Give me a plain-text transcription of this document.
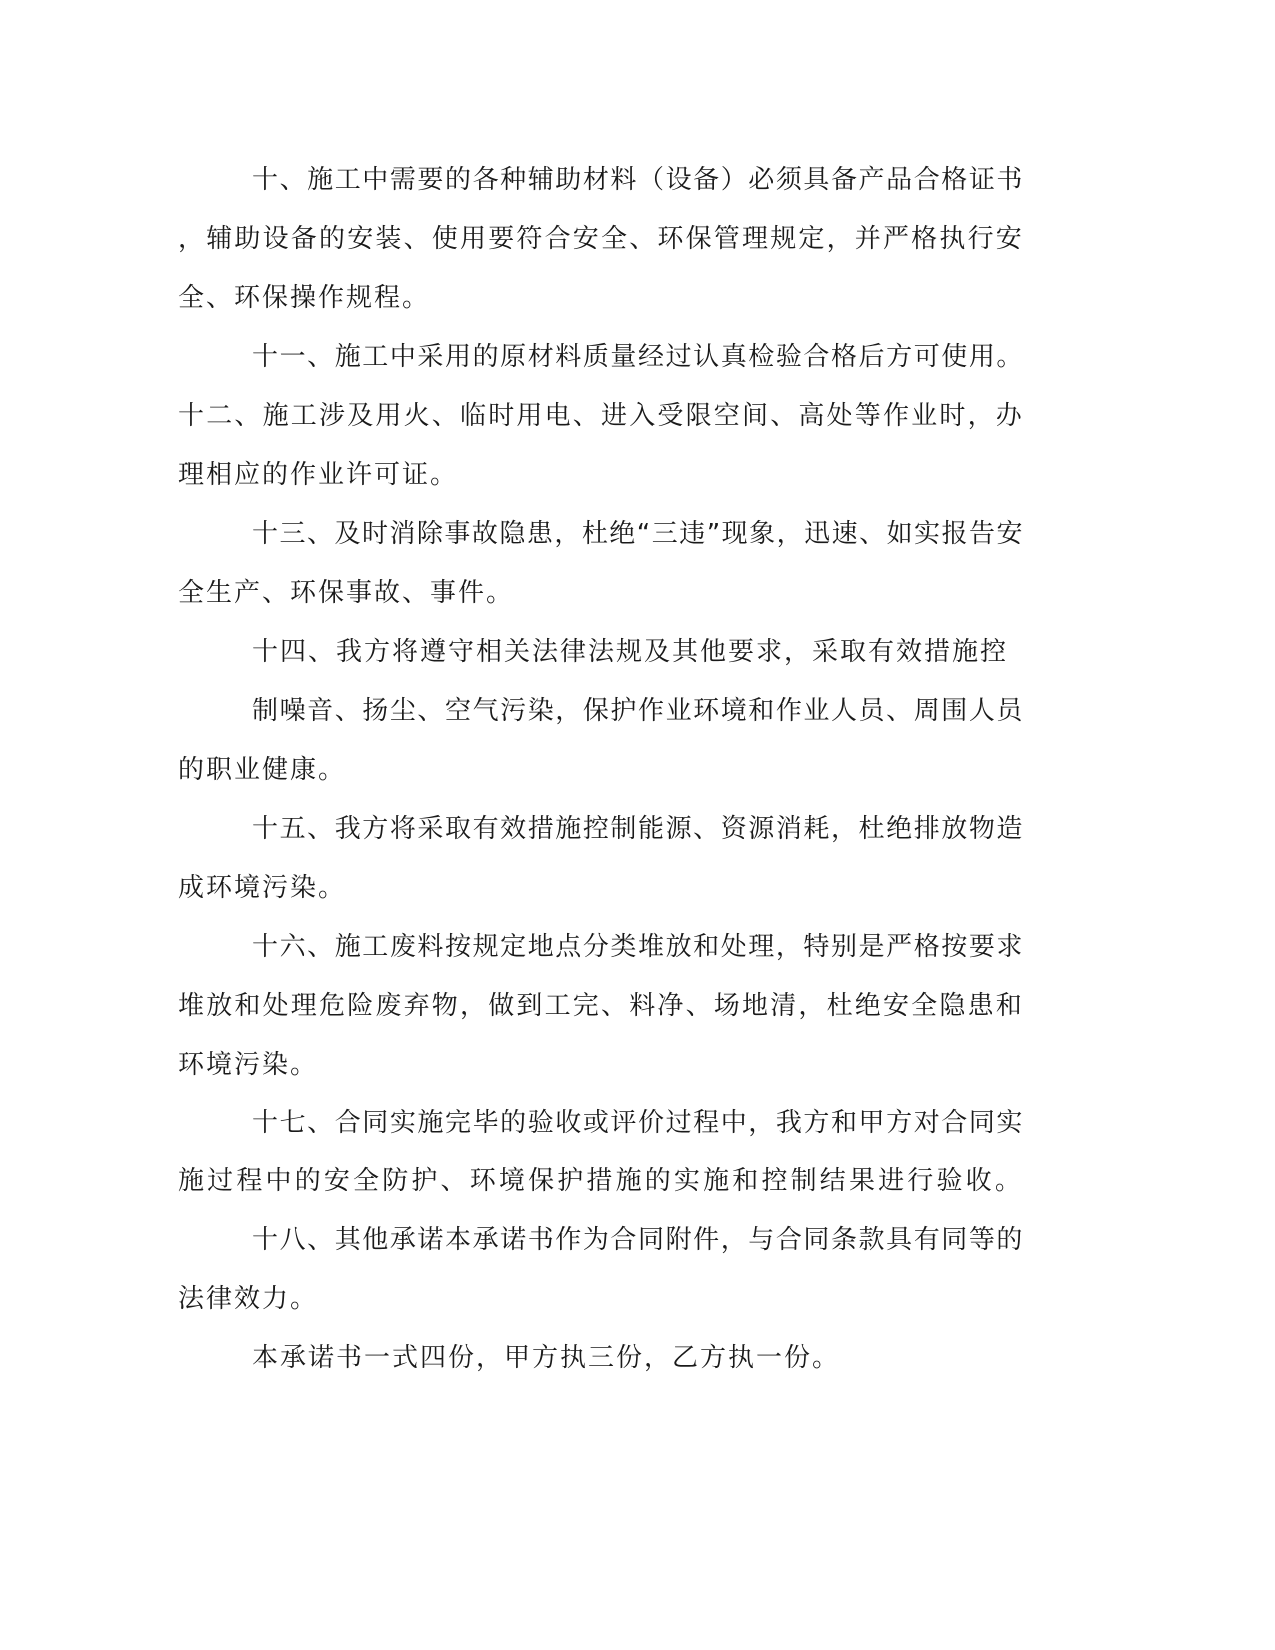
十、施工中需要的各种辅助材料（设备）必须具备产品合格证书
，辅助设备的安装、使用要符合安全、环保管理规定，并严格执行安
全、环保操作规程。
十一、施工中采用的原材料质量经过认真检验合格后方可使用。
十二、施工涉及用火、临时用电、进入受限空间、高处等作业时，办
理相应的作业许可证。
十三、及时消除事故隐患，杜绝“三违”现象，迅速、如实报告安
全生产、环保事故、事件。
十四、我方将遵守相关法律法规及其他要求，采取有效措施控
制噪音、扬尘、空气污染，保护作业环境和作业人员、周围人员
的职业健康。
十五、我方将采取有效措施控制能源、资源消耗，杜绝排放物造
成环境污染。
十六、施工废料按规定地点分类堆放和处理，特别是严格按要求
堆放和处理危险废弃物，做到工完、料净、场地清，杜绝安全隐患和
环境污染。
十七、合同实施完毕的验收或评价过程中，我方和甲方对合同实
施过程中的安全防护、环境保护措施的实施和控制结果进行验收。
十八、其他承诺本承诺书作为合同附件，与合同条款具有同等的
法律效力。
本承诺书一式四份，甲方执三份，乙方执一份。
